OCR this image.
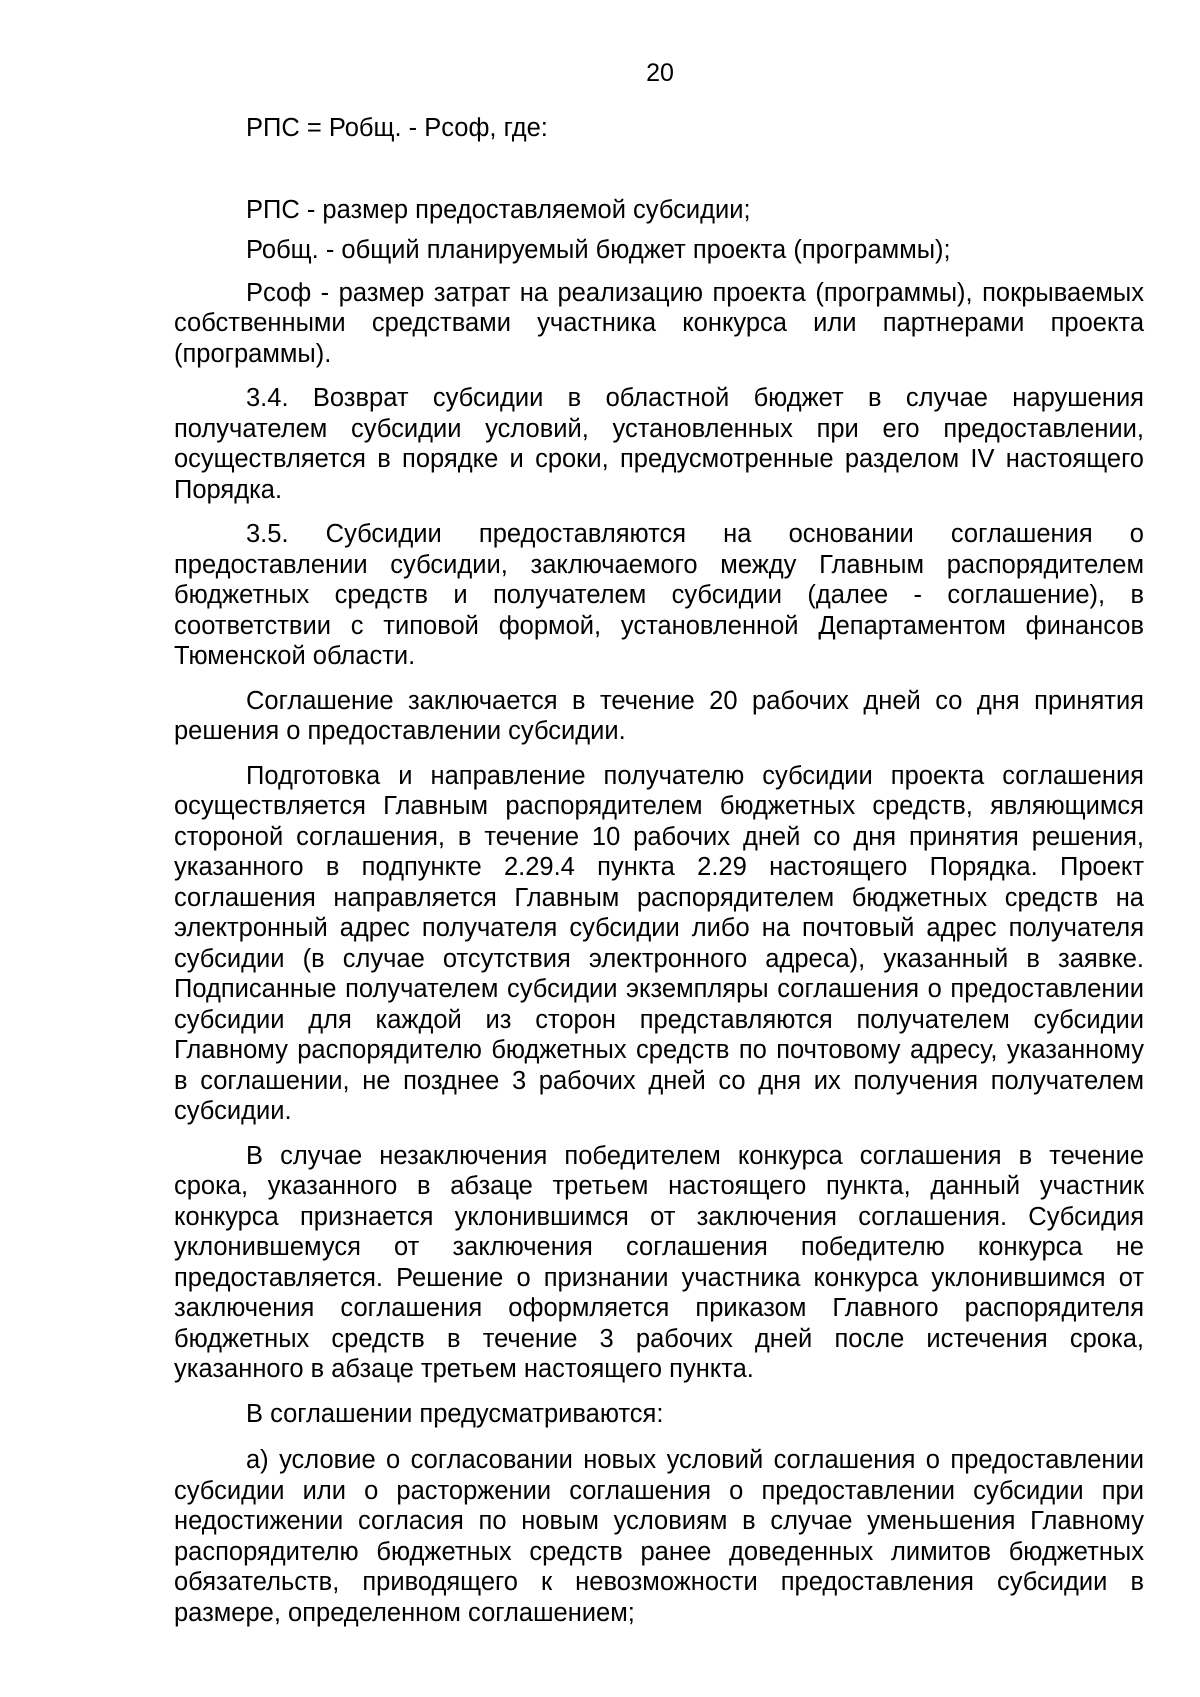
20

РПС = Робщ. - Рсоф, где:

РПС - размер предоставляемой субсидии;

Робщ. - общий планируемый бюджет проекта (программы);

Рсоф - размер затрат на реализацию проекта (программы), покрываемых собственными средствами участника конкурса или партнерами проекта (программы).

3.4. Возврат субсидии в областной бюджет в случае нарушения получателем субсидии условий, установленных при его предоставлении, осуществляется в порядке и сроки, предусмотренные разделом IV настоящего Порядка.

3.5. Субсидии предоставляются на основании соглашения о предоставлении субсидии, заключаемого между Главным распорядителем бюджетных средств и получателем субсидии (далее - соглашение), в соответствии с типовой формой, установленной Департаментом финансов Тюменской области.

Соглашение заключается в течение 20 рабочих дней со дня принятия решения о предоставлении субсидии.

Подготовка и направление получателю субсидии проекта соглашения осуществляется Главным распорядителем бюджетных средств, являющимся стороной соглашения, в течение 10 рабочих дней со дня принятия решения, указанного в подпункте 2.29.4 пункта 2.29 настоящего Порядка. Проект соглашения направляется Главным распорядителем бюджетных средств на электронный адрес получателя субсидии либо на почтовый адрес получателя субсидии (в случае отсутствия электронного адреса), указанный в заявке. Подписанные получателем субсидии экземпляры соглашения о предоставлении субсидии для каждой из сторон представляются получателем субсидии Главному распорядителю бюджетных средств по почтовому адресу, указанному в соглашении, не позднее 3 рабочих дней со дня их получения получателем субсидии.

В случае незаключения победителем конкурса соглашения в течение срока, указанного в абзаце третьем настоящего пункта, данный участник конкурса признается уклонившимся от заключения соглашения. Субсидия уклонившемуся от заключения соглашения победителю конкурса не предоставляется. Решение о признании участника конкурса уклонившимся от заключения соглашения оформляется приказом Главного распорядителя бюджетных средств в течение 3 рабочих дней после истечения срока, указанного в абзаце третьем настоящего пункта.

В соглашении предусматриваются:

а) условие о согласовании новых условий соглашения о предоставлении субсидии или о расторжении соглашения о предоставлении субсидии при недостижении согласия по новым условиям в случае уменьшения Главному распорядителю бюджетных средств ранее доведенных лимитов бюджетных обязательств, приводящего к невозможности предоставления субсидии в размере, определенном соглашением;
